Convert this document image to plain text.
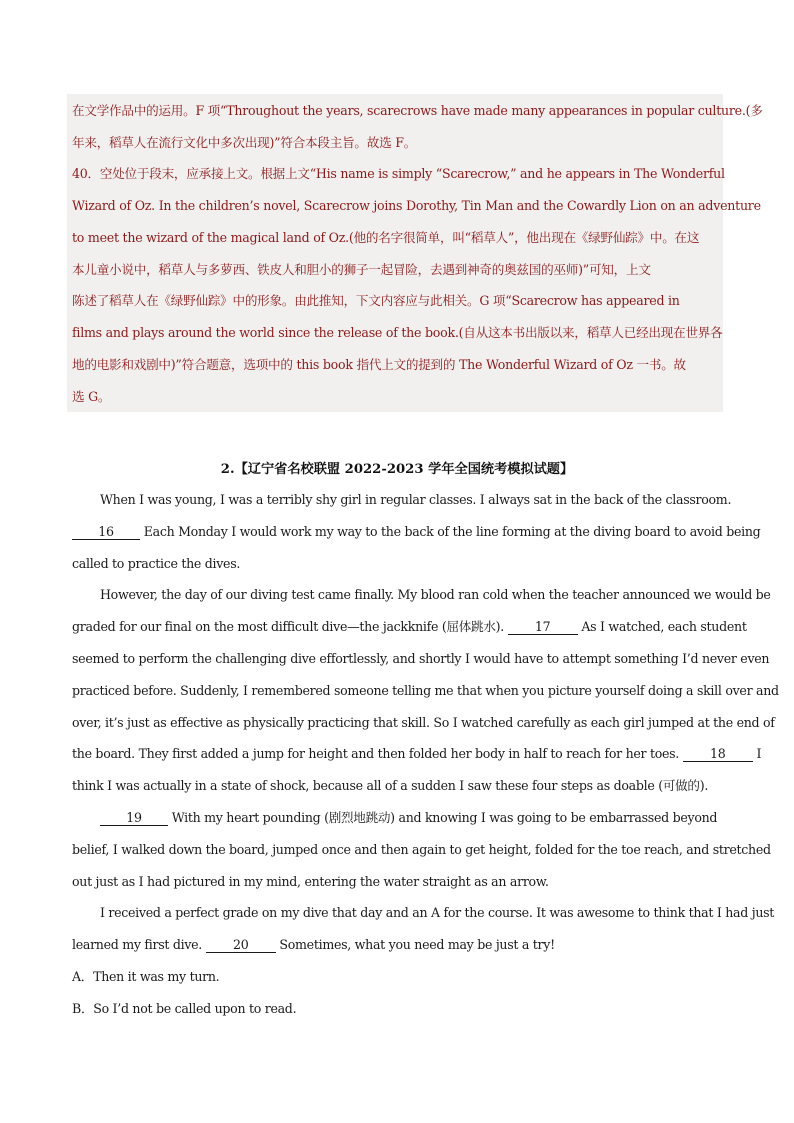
在文学作品中的运用。F 项“Throughout the years, scarecrows have made many appearances in popular culture.(多
年来，稻草人在流行文化中多次出现)”符合本段主旨。故选 F。
40．空处位于段末，应承接上文。根据上文“His name is simply “Scarecrow,” and he appears in The Wonderful
Wizard of Oz. In the children’s novel, Scarecrow joins Dorothy, Tin Man and the Cowardly Lion on an adventure
to meet the wizard of the magical land of Oz.(他的名字很简单，叫“稻草人”，他出现在《绿野仙踪》中。在这
本儿童小说中，稻草人与多萝西、铁皮人和胆小的狮子一起冒险，去遇到神奇的奥兹国的巫师)”可知，上文
陈述了稻草人在《绿野仙踪》中的形象。由此推知，下文内容应与此相关。G 项“Scarecrow has appeared in
films and plays around the world since the release of the book.(自从这本书出版以来，稻草人已经出现在世界各
地的电影和戏剧中)”符合题意，选项中的 this book 指代上文的提到的 The Wonderful Wizard of Oz 一书。故
选 G。
2.【辽宁省名校联盟 2022-2023 学年全国统考模拟试题】
When I was young, I was a terribly shy girl in regular classes. I always sat in the back of the classroom.
16 Each Monday I would work my way to the back of the line forming at the diving board to avoid being
called to practice the dives.
However, the day of our diving test came finally. My blood ran cold when the teacher announced we would be
graded for our final on the most difficult dive—the jackknife (屈体跳水). 17 As I watched, each student
seemed to perform the challenging dive effortlessly, and shortly I would have to attempt something I’d never even
practiced before. Suddenly, I remembered someone telling me that when you picture yourself doing a skill over and
over, it’s just as effective as physically practicing that skill. So I watched carefully as each girl jumped at the end of
the board. They first added a jump for height and then folded her body in half to reach for her toes. 18 I
think I was actually in a state of shock, because all of a sudden I saw these four steps as doable (可做的).
19 With my heart pounding (剧烈地跳动) and knowing I was going to be embarrassed beyond
belief, I walked down the board, jumped once and then again to get height, folded for the toe reach, and stretched
out just as I had pictured in my mind, entering the water straight as an arrow.
I received a perfect grade on my dive that day and an A for the course. It was awesome to think that I had just
learned my first dive. 20 Sometimes, what you need may be just a try!
A．Then it was my turn.
B．So I’d not be called upon to read.
